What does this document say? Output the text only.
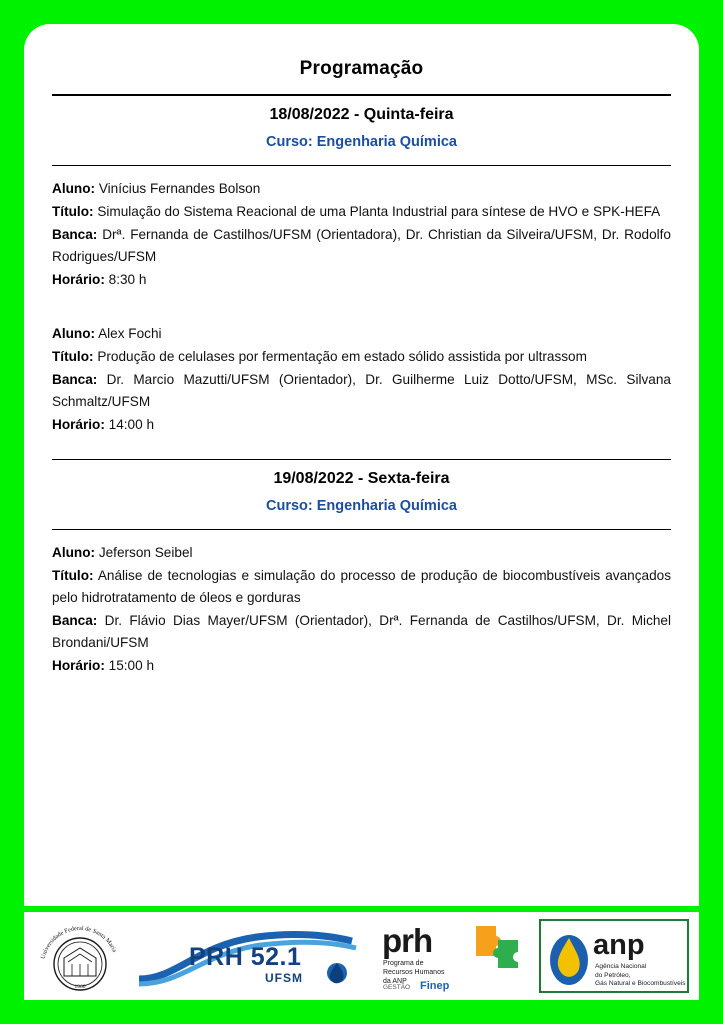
Programação
18/08/2022 - Quinta-feira
Curso: Engenharia Química

Aluno: Vinícius Fernandes Bolson

Título: Simulação do Sistema Reacional de uma Planta Industrial para síntese de HVO e SPK-HEFA

Banca: Drª. Fernanda de Castilhos/UFSM (Orientadora), Dr. Christian da Silveira/UFSM, Dr. Rodolfo Rodrigues/UFSM

Horário: 8:30 h

Aluno: Alex Fochi

Título: Produção de celulases por fermentação em estado sólido assistida por ultrassom

Banca: Dr. Marcio Mazutti/UFSM (Orientador), Dr. Guilherme Luiz Dotto/UFSM, MSc. Silvana Schmaltz/UFSM

Horário: 14:00 h

19/08/2022 - Sexta-feira
Curso: Engenharia Química

Aluno: Jeferson Seibel

Título: Análise de tecnologias e simulação do processo de produção de biocombustíveis avançados pelo hidrotratamento de óleos e gorduras

Banca: Dr. Flávio Dias Mayer/UFSM (Orientador), Drª. Fernanda de Castilhos/UFSM, Dr. Michel Brondani/UFSM

Horário: 15:00 h

Universidade Federal de Santa Maria
1960
PRH 52.1
UFSM
prh
Programa de
Recursos Humanos
da ANP
GESTÃO Finep
anp
Agência Nacional
do Petróleo,
Gás Natural e Biocombustíveis
